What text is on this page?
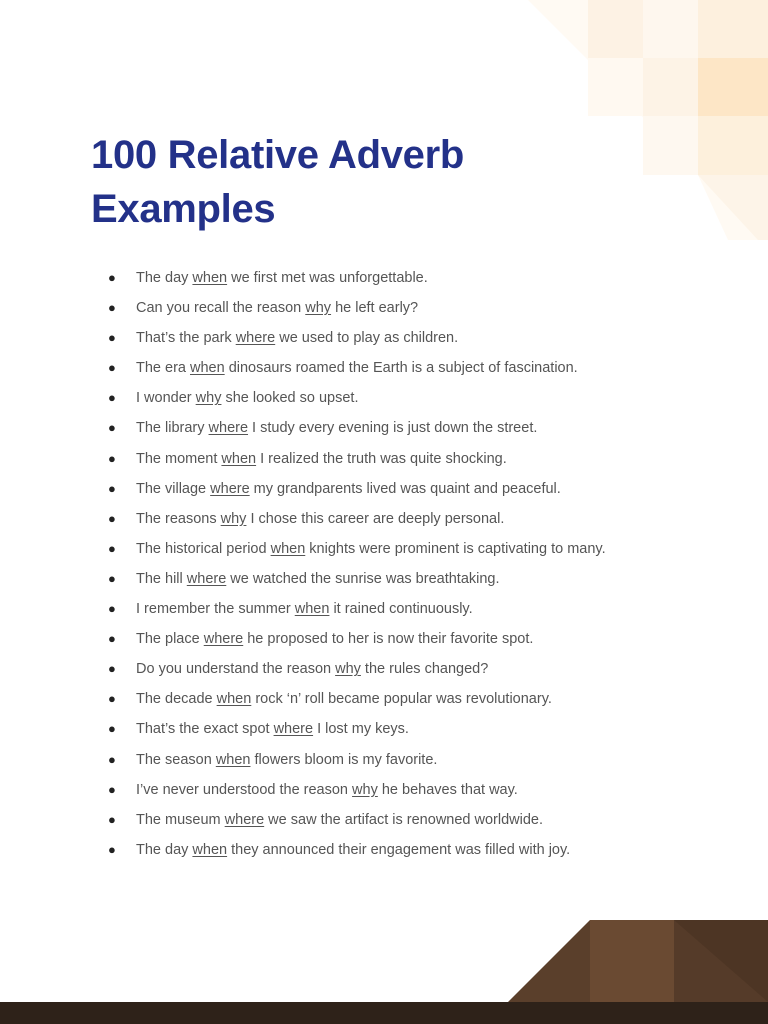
100 Relative Adverb Examples
● The day when we first met was unforgettable.
● Can you recall the reason why he left early?
● That’s the park where we used to play as children.
● The era when dinosaurs roamed the Earth is a subject of fascination.
● I wonder why she looked so upset.
● The library where I study every evening is just down the street.
● The moment when I realized the truth was quite shocking.
● The village where my grandparents lived was quaint and peaceful.
● The reasons why I chose this career are deeply personal.
● The historical period when knights were prominent is captivating to many.
● The hill where we watched the sunrise was breathtaking.
● I remember the summer when it rained continuously.
● The place where he proposed to her is now their favorite spot.
● Do you understand the reason why the rules changed?
● The decade when rock ‘n’ roll became popular was revolutionary.
● That’s the exact spot where I lost my keys.
● The season when flowers bloom is my favorite.
● I’ve never understood the reason why he behaves that way.
● The museum where we saw the artifact is renowned worldwide.
● The day when they announced their engagement was filled with joy.
